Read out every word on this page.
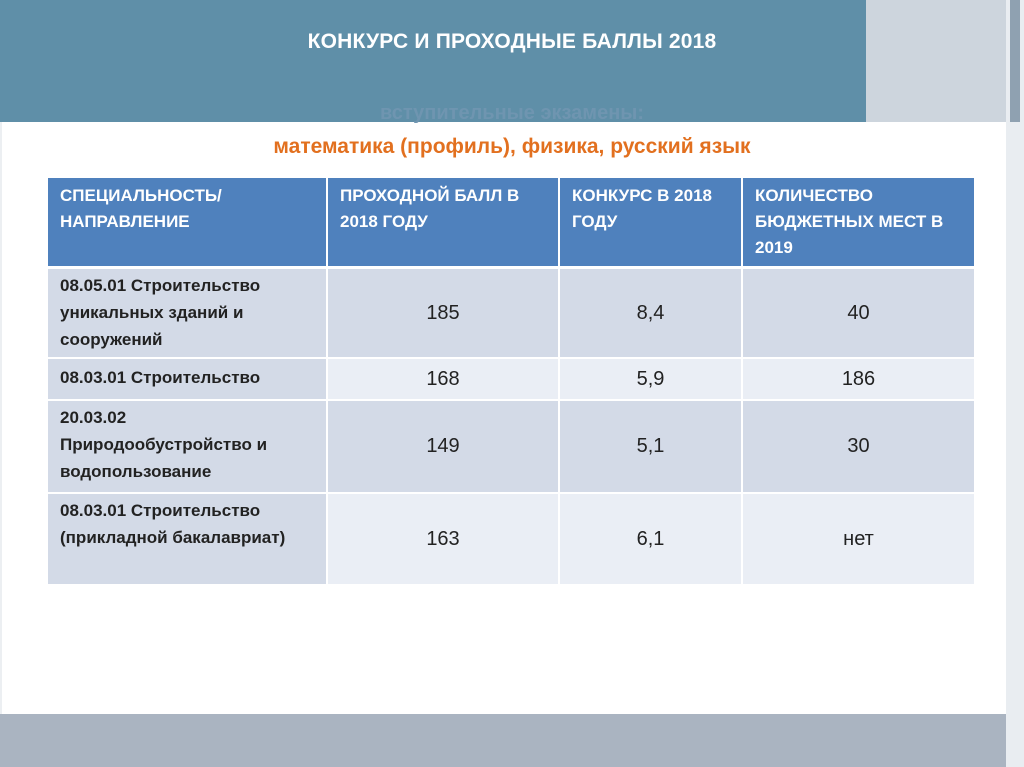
КОНКУРС И ПРОХОДНЫЕ БАЛЛЫ 2018
вступительные экзамены:
математика (профиль), физика, русский язык
СПЕЦИАЛЬНОСТЬ/ НАПРАВЛЕНИЕ	ПРОХОДНОЙ БАЛЛ В 2018 ГОДУ	КОНКУРС В 2018 ГОДУ	КОЛИЧЕСТВО БЮДЖЕТНЫХ МЕСТ В 2019
08.05.01 Строительство уникальных зданий и сооружений	185	8,4	40
08.03.01 Строительство	168	5,9	186
20.03.02 Природообустройство и водопользование	149	5,1	30
08.03.01 Строительство (прикладной бакалавриат)	163	6,1	нет
